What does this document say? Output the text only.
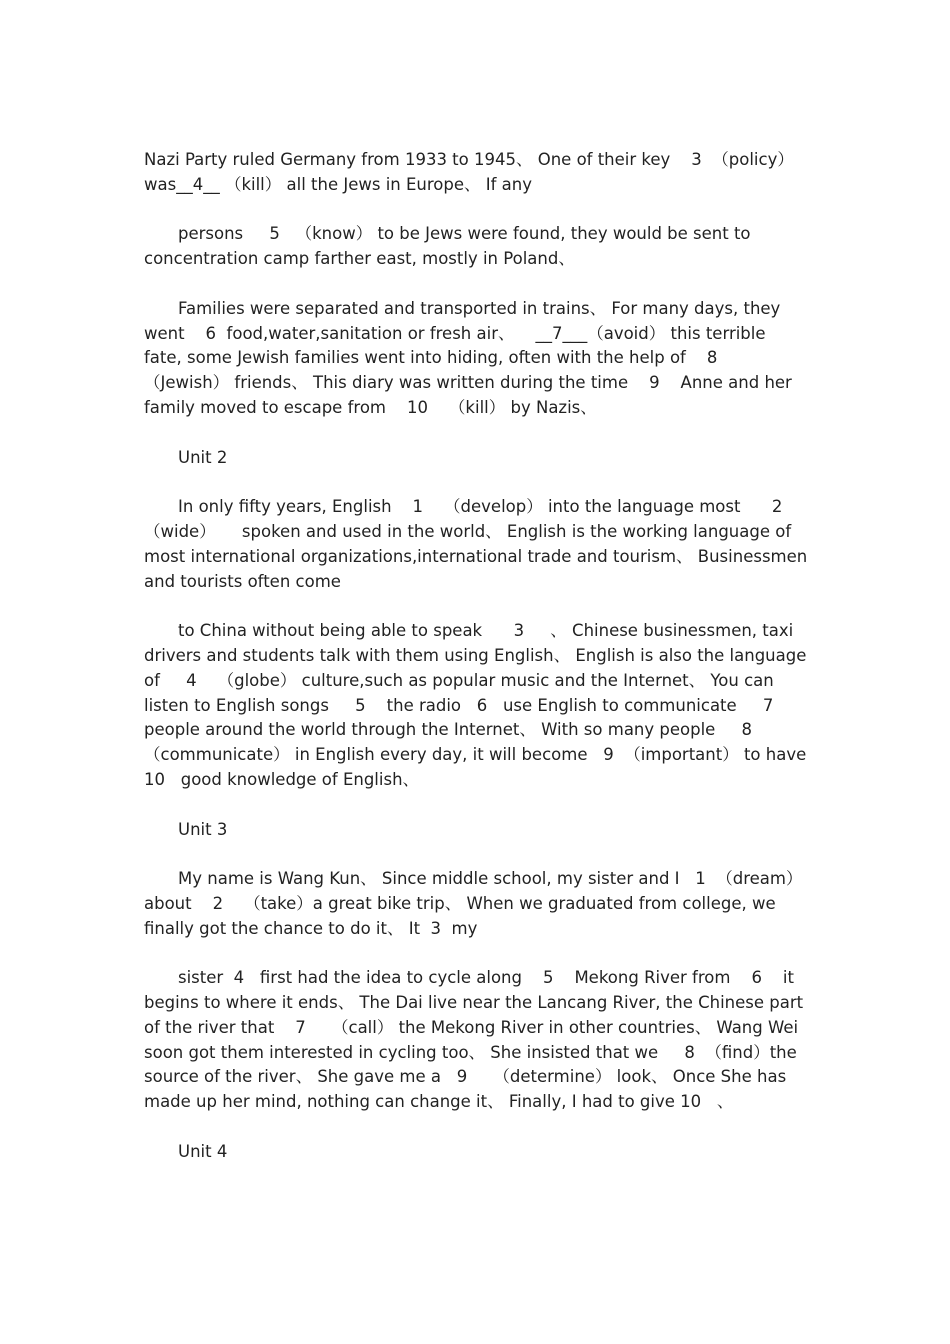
Nazi Party ruled Germany from 1933 to 1945、 One of their key    3  （policy） was__4__ （kill） all the Jews in Europe、 If any

persons     5   （know） to be Jews were found, they would be sent to concentration camp farther east, mostly in Poland、

Families were separated and transported in trains、 For many days, they went    6  food,water,sanitation or fresh air、    __7___（avoid） this terrible fate, some Jewish families went into hiding, often with the help of    8  （Jewish） friends、 This diary was written during the time    9    Anne and her family moved to escape from    10    （kill） by Nazis、

Unit 2

In only fifty years, English    1    （develop） into the language most      2  （wide）     spoken and used in the world、 English is the working language of most international organizations,international trade and tourism、 Businessmen and tourists often come

to China without being able to speak      3     、 Chinese businessmen, taxi drivers and students talk with them using English、 English is also the language of     4    （globe） culture,such as popular music and the Internet、 You can listen to English songs     5    the radio   6   use English to communicate     7     people around the world through the Internet、 With so many people     8     （communicate） in English every day, it will become   9  （important） to have   10   good knowledge of English、

Unit 3

My name is Wang Kun、 Since middle school, my sister and I   1  （dream） about    2    （take）a great bike trip、 When we graduated from college, we finally got the chance to do it、 It  3  my

sister  4   first had the idea to cycle along    5    Mekong River from    6    it begins to where it ends、 The Dai live near the Lancang River, the Chinese part of the river that    7     （call） the Mekong River in other countries、 Wang Wei soon got them interested in cycling too、 She insisted that we     8  （find）the source of the river、 She gave me a   9     （determine） look、 Once She has made up her mind, nothing can change it、 Finally, I had to give 10   、

Unit 4
